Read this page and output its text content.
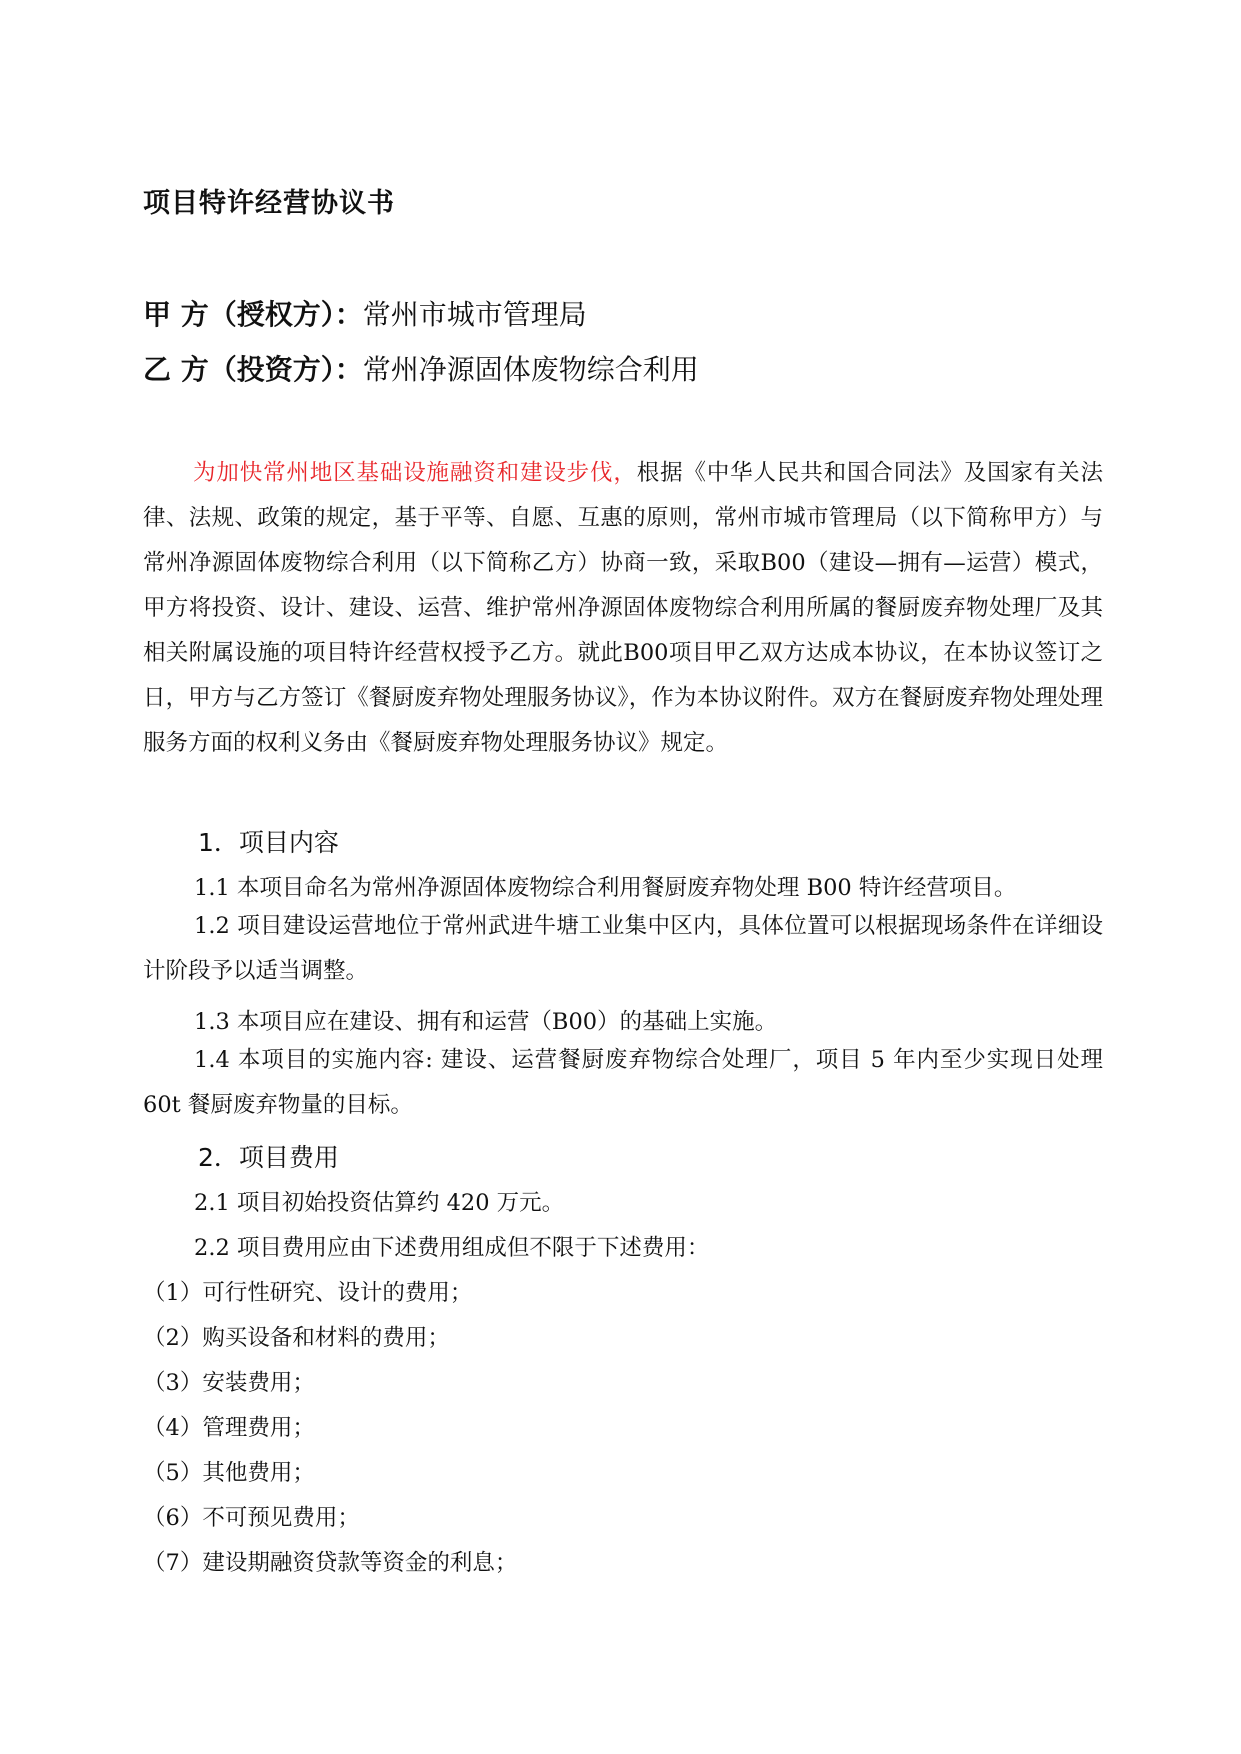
项目特许经营协议书
甲 方（授权方）：常州市城市管理局
乙 方（投资方）：常州净源固体废物综合利用

为加快常州地区基础设施融资和建设步伐，根据《中华人民共和国合同法》及国家有关法律、法规、政策的规定，基于平等、自愿、互惠的原则，常州市城市管理局（以下简称甲方）与常州净源固体废物综合利用（以下简称乙方）协商一致，采取B00（建设—拥有—运营）模式，甲方将投资、设计、建设、运营、维护常州净源固体废物综合利用所属的餐厨废弃物处理厂及其相关附属设施的项目特许经营权授予乙方。就此B00项目甲乙双方达成本协议，在本协议签订之日，甲方与乙方签订《餐厨废弃物处理服务协议》，作为本协议附件。双方在餐厨废弃物处理处理服务方面的权利义务由《餐厨废弃物处理服务协议》规定。

1．项目内容

1.1 本项目命名为常州净源固体废物综合利用餐厨废弃物处理 B00 特许经营项目。

1.2 项目建设运营地位于常州武进牛塘工业集中区内，具体位置可以根据现场条件在详细设计阶段予以适当调整。

1.3 本项目应在建设、拥有和运营（B00）的基础上实施。

1.4 本项目的实施内容: 建设、运营餐厨废弃物综合处理厂，项目 5 年内至少实现日处理 60t 餐厨废弃物量的目标。

2．项目费用

2.1 项目初始投资估算约 420 万元。

2.2 项目费用应由下述费用组成但不限于下述费用：

（1）可行性研究、设计的费用；

（2）购买设备和材料的费用；

（3）安装费用；

（4）管理费用；

（5）其他费用；

（6）不可预见费用；

（7）建设期融资贷款等资金的利息；
